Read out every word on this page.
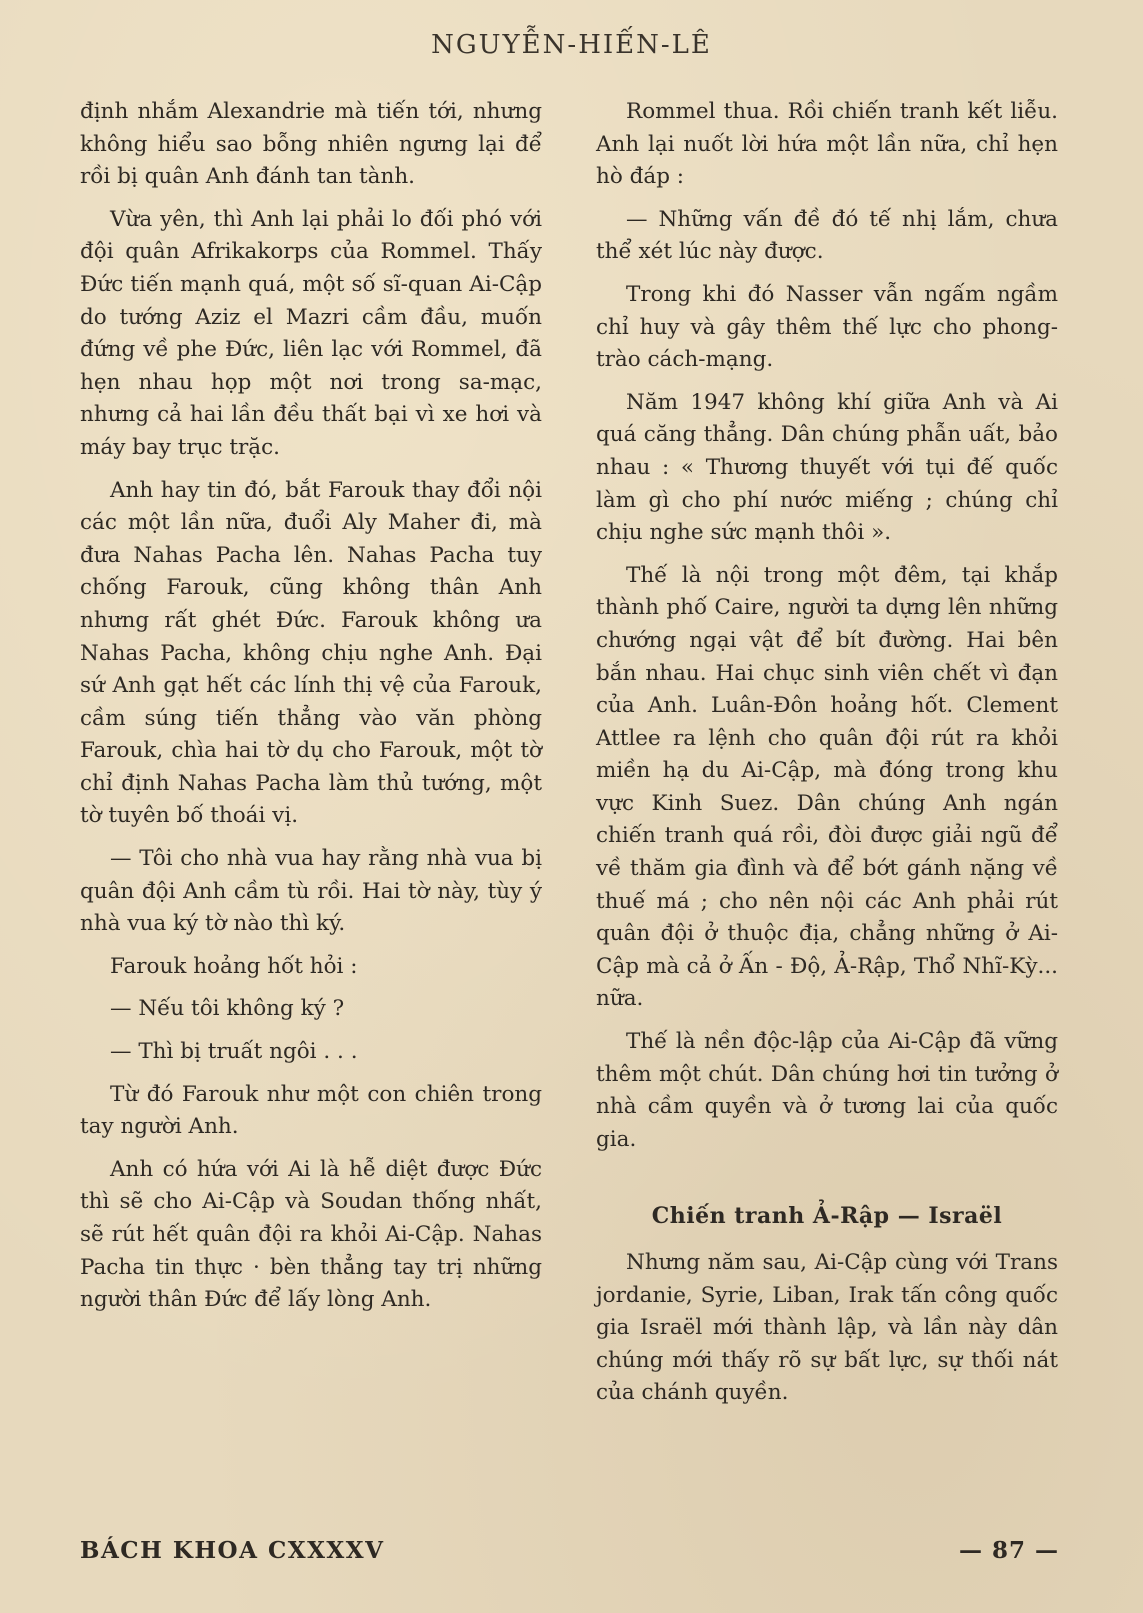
NGUYỄN-HIẾN-LÊ

định nhắm Alexandrie mà tiến tới, nhưng không hiểu sao bỗng nhiên ngưng lại để rồi bị quân Anh đánh tan tành.

Vừa yên, thì Anh lại phải lo đối phó với đội quân Afrikakorps của Rommel. Thấy Đức tiến mạnh quá, một số sĩ-quan Ai-Cập do tướng Aziz el Mazri cầm đầu, muốn đứng về phe Đức, liên lạc với Rommel, đã hẹn nhau họp một nơi trong sa-mạc, nhưng cả hai lần đều thất bại vì xe hơi và máy bay trục trặc.

Anh hay tin đó, bắt Farouk thay đổi nội các một lần nữa, đuổi Aly Maher đi, mà đưa Nahas Pacha lên. Nahas Pacha tuy chống Farouk, cũng không thân Anh nhưng rất ghét Đức. Farouk không ưa Nahas Pacha, không chịu nghe Anh. Đại sứ Anh gạt hết các lính thị vệ của Farouk, cầm súng tiến thẳng vào văn phòng Farouk, chìa hai tờ dụ cho Farouk, một tờ chỉ định Nahas Pacha làm thủ tướng, một tờ tuyên bố thoái vị.

— Tôi cho nhà vua hay rằng nhà vua bị quân đội Anh cầm tù rồi. Hai tờ này, tùy ý nhà vua ký tờ nào thì ký.

Farouk hoảng hốt hỏi :

— Nếu tôi không ký ?

— Thì bị truất ngôi . . .

Từ đó Farouk như một con chiên trong tay người Anh.

Anh có hứa với Ai là hễ diệt được Đức thì sẽ cho Ai-Cập và Soudan thống nhất, sẽ rút hết quân đội ra khỏi Ai-Cập. Nahas Pacha tin thực · bèn thẳng tay trị những người thân Đức để lấy lòng Anh.

Rommel thua. Rồi chiến tranh kết liễu. Anh lại nuốt lời hứa một lần nữa, chỉ hẹn hò đáp :

— Những vấn đề đó tế nhị lắm, chưa thể xét lúc này được.

Trong khi đó Nasser vẫn ngấm ngầm chỉ huy và gây thêm thế lực cho phong-trào cách-mạng.

Năm 1947 không khí giữa Anh và Ai quá căng thẳng. Dân chúng phẫn uất, bảo nhau : « Thương thuyết với tụi đế quốc làm gì cho phí nước miếng ; chúng chỉ chịu nghe sức mạnh thôi ».

Thế là nội trong một đêm, tại khắp thành phố Caire, người ta dựng lên những chướng ngại vật để bít đường. Hai bên bắn nhau. Hai chục sinh viên chết vì đạn của Anh. Luân-Đôn hoảng hốt. Clement Attlee ra lệnh cho quân đội rút ra khỏi miền hạ du Ai-Cập, mà đóng trong khu vực Kinh Suez. Dân chúng Anh ngán chiến tranh quá rồi, đòi được giải ngũ để về thăm gia đình và để bớt gánh nặng về thuế má ; cho nên nội các Anh phải rút quân đội ở thuộc địa, chẳng những ở Ai-Cập mà cả ở Ấn - Độ, Ả-Rập, Thổ Nhĩ-Kỳ... nữa.

Thế là nền độc-lập của Ai-Cập đã vững thêm một chút. Dân chúng hơi tin tưởng ở nhà cầm quyền và ở tương lai của quốc gia.

Chiến tranh Ả-Rập — Israël

Nhưng năm sau, Ai-Cập cùng với Trans jordanie, Syrie, Liban, Irak tấn công quốc gia Israël mới thành lập, và lần này dân chúng mới thấy rõ sự bất lực, sự thối nát của chánh quyền.

BÁCH KHOA CXXXXV	— 87 —
